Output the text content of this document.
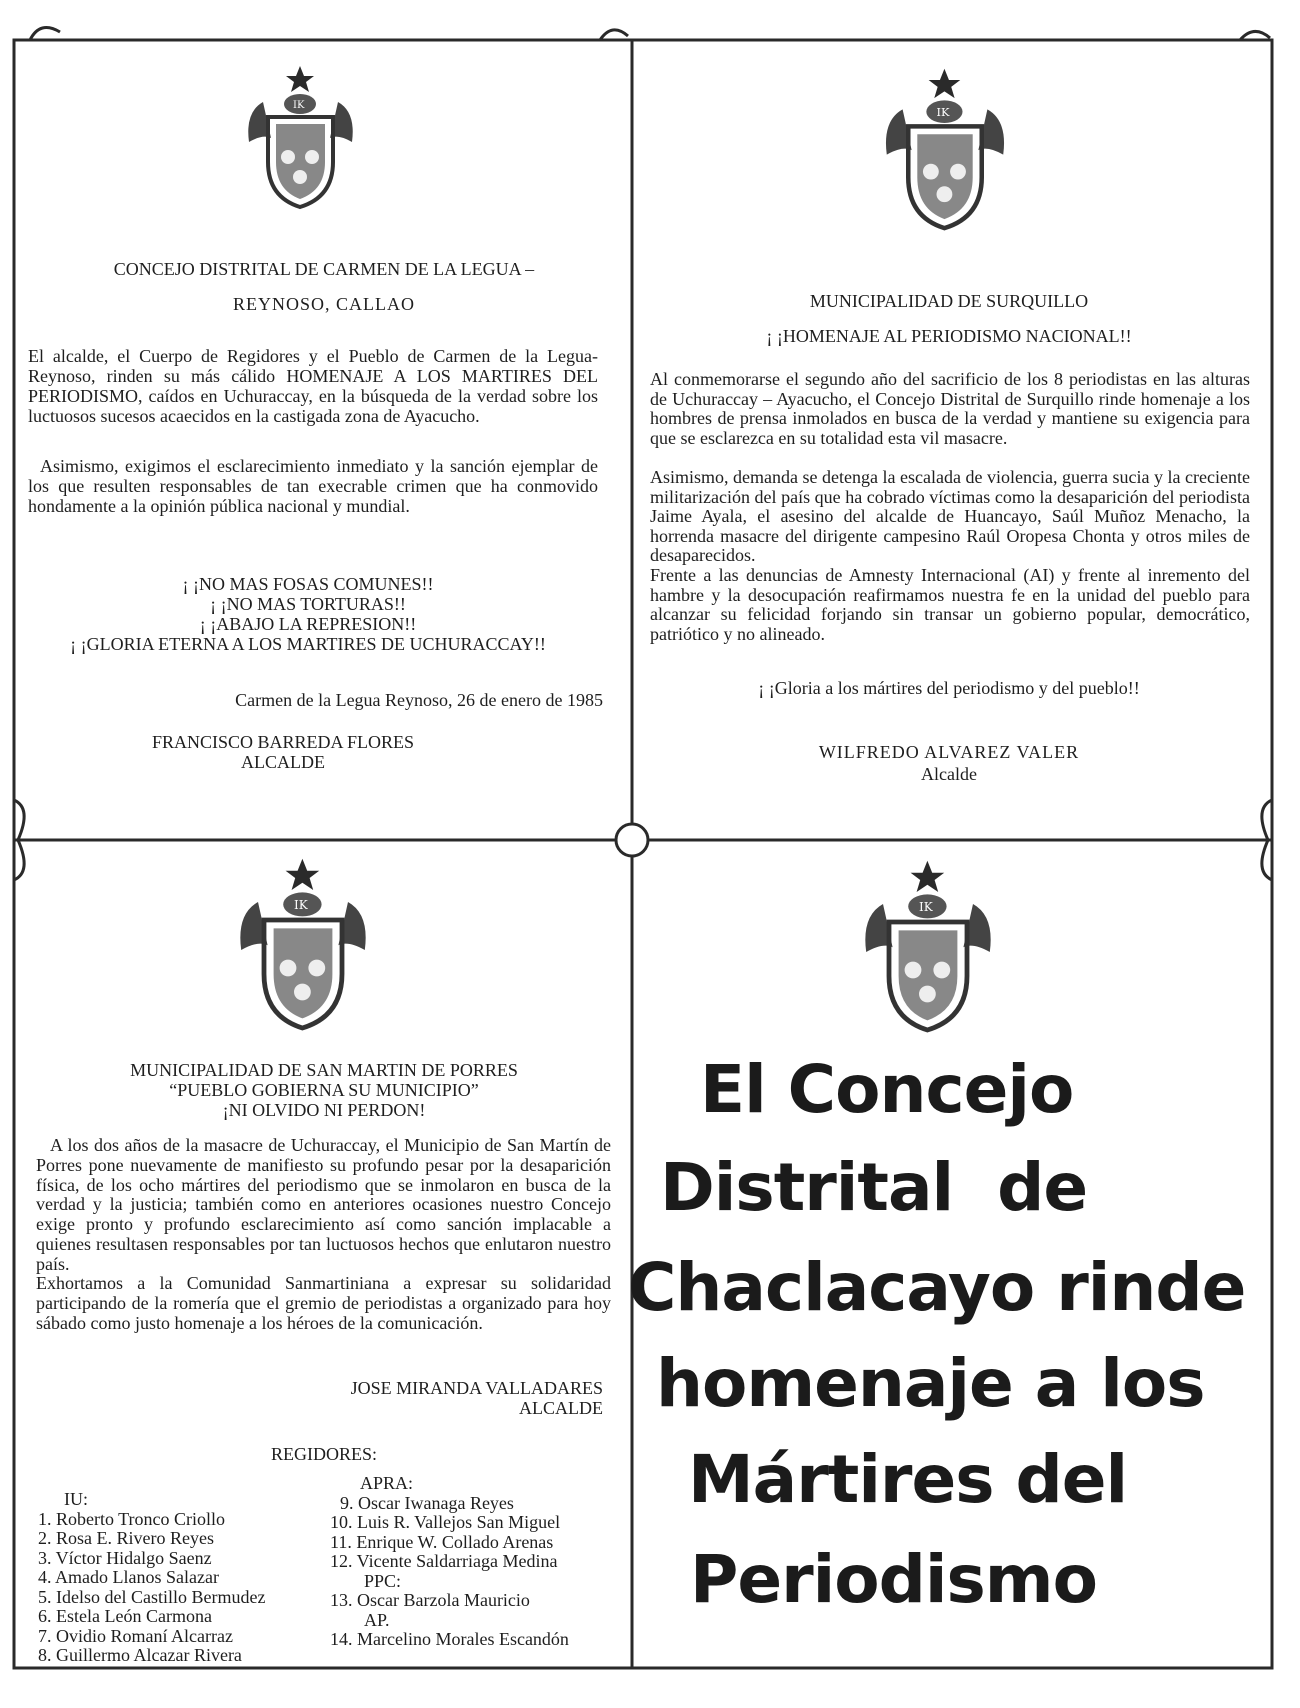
IK
CONCEJO DISTRITAL DE CARMEN DE LA LEGUA –
REYNOSO, CALLAO
El alcalde, el Cuerpo de Regidores y el Pueblo de Carmen de la Legua- Reynoso, rinden su más cálido HOMENAJE A LOS MARTIRES DEL PERIODISMO, caídos en Uchuraccay, en la búsqueda de la verdad sobre los luctuosos sucesos acaecidos en la castigada zona de Ayacucho.
Asimismo, exigimos el esclarecimiento inmediato y la sanción ejemplar de los que resulten responsables de tan execrable crimen que ha conmovido hondamente a la opinión pública nacional y mundial.
¡ ¡NO MAS FOSAS COMUNES!!
¡ ¡NO MAS TORTURAS!!
¡ ¡ABAJO LA REPRESION!!
¡ ¡GLORIA ETERNA A LOS MARTIRES DE UCHURACCAY!!
Carmen de la Legua Reynoso, 26 de enero de 1985
FRANCISCO BARREDA FLORES
ALCALDE
IK
MUNICIPALIDAD DE SURQUILLO
¡ ¡HOMENAJE AL PERIODISMO NACIONAL!!
Al conmemorarse el segundo año del sacrificio de los 8 periodistas en las alturas de Uchuraccay – Ayacucho, el Concejo Distrital de Surquillo rinde homenaje a los hombres de prensa inmolados en busca de la verdad y mantiene su exigencia para que se esclarezca en su totalidad esta vil masacre.
Asimismo, demanda se detenga la escalada de violencia, guerra sucia y la creciente militarización del país que ha cobrado víctimas como la desaparición del periodista Jaime Ayala, el asesino del alcalde de Huancayo, Saúl Muñoz Menacho, la horrenda masacre del dirigente campesino Raúl Oropesa Chonta y otros miles de desaparecidos.
Frente a las denuncias de Amnesty Internacional (AI) y frente al inremento del hambre y la desocupación reafirmamos nuestra fe en la unidad del pueblo para alcanzar su felicidad forjando sin transar un gobierno popular, democrático, patriótico y no alineado.
¡ ¡Gloria a los mártires del periodismo y del pueblo!!
WILFREDO ALVAREZ VALER
Alcalde
IK
MUNICIPALIDAD DE SAN MARTIN DE PORRES
“PUEBLO GOBIERNA SU MUNICIPIO”
¡NI OLVIDO NI PERDON!
A los dos años de la masacre de Uchuraccay, el Municipio de San Martín de Porres pone nuevamente de manifiesto su profundo pesar por la desaparición física, de los ocho mártires del periodismo que se inmolaron en busca de la verdad y la justicia; también como en anteriores ocasiones nuestro Concejo exige pronto y profundo esclarecimiento así como sanción implacable a quienes resultasen responsables por tan luctuosos hechos que enlutaron nuestro país.
Exhortamos a la Comunidad Sanmartiniana a expresar su solidaridad participando de la romería que el gremio de periodistas a organizado para hoy sábado como justo homenaje a los héroes de la comunicación.
JOSE MIRANDA VALLADARES
ALCALDE
REGIDORES:
IU:
1. Roberto Tronco Criollo
2. Rosa E. Rivero Reyes
3. Víctor Hidalgo Saenz
4. Amado Llanos Salazar
5. Idelso del Castillo Bermudez
6. Estela León Carmona
7. Ovidio Romaní Alcarraz
8. Guillermo Alcazar Rivera
APRA:
9. Oscar Iwanaga Reyes
10. Luis R. Vallejos San Miguel
11. Enrique W. Collado Arenas
12. Vicente Saldarriaga Medina
PPC:
13. Oscar Barzola Mauricio
AP.
14. Marcelino Morales Escandón
IK
El Concejo
Distrital de
Chaclacayo rinde
homenaje a los
Mártires del
Periodismo
